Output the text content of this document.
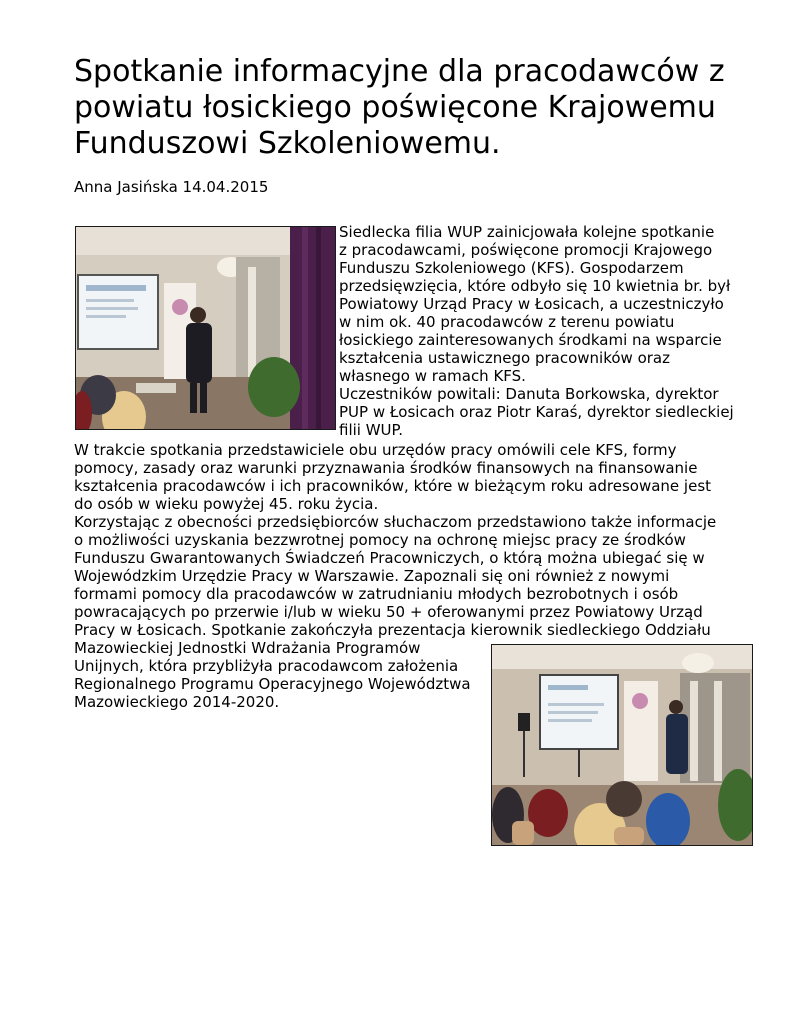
Spotkanie informacyjne dla pracodawców z
powiatu łosickiego poświęcone Krajowemu
Funduszowi Szkoleniowemu.
Anna Jasińska 14.04.2015

Siedlecka filia WUP zainicjowała kolejne spotkanie
z pracodawcami, poświęcone promocji Krajowego
Funduszu Szkoleniowego (KFS). Gospodarzem
przedsięwzięcia, które odbyło się 10 kwietnia br. był
Powiatowy Urząd Pracy w Łosicach, a uczestniczyło
w nim ok. 40 pracodawców z terenu powiatu
łosickiego zainteresowanych środkami na wsparcie
kształcenia ustawicznego pracowników oraz
własnego w ramach KFS.
Uczestników powitali: Danuta Borkowska, dyrektor
PUP w Łosicach oraz Piotr Karaś, dyrektor siedleckiej
filii WUP.

W trakcie spotkania przedstawiciele obu urzędów pracy omówili cele KFS, formy
pomocy, zasady oraz warunki przyznawania środków finansowych na finansowanie
kształcenia pracodawców i ich pracowników, które w bieżącym roku adresowane jest
do osób w wieku powyżej 45. roku życia.
Korzystając z obecności przedsiębiorców słuchaczom przedstawiono także informacje
o możliwości uzyskania bezzwrotnej pomocy na ochronę miejsc pracy ze środków
Funduszu Gwarantowanych Świadczeń Pracowniczych, o którą można ubiegać się w
Wojewódzkim Urzędzie Pracy w Warszawie. Zapoznali się oni również z nowymi
formami pomocy dla pracodawców w zatrudnianiu młodych bezrobotnych i osób
powracających po przerwie i/lub w wieku 50 + oferowanymi przez Powiatowy Urząd
Pracy w Łosicach. Spotkanie zakończyła prezentacja kierownik siedleckiego Oddziału

Mazowieckiej Jednostki Wdrażania Programów
Unijnych, która przybliżyła pracodawcom założenia
Regionalnego Programu Operacyjnego Województwa
Mazowieckiego 2014-2020.
